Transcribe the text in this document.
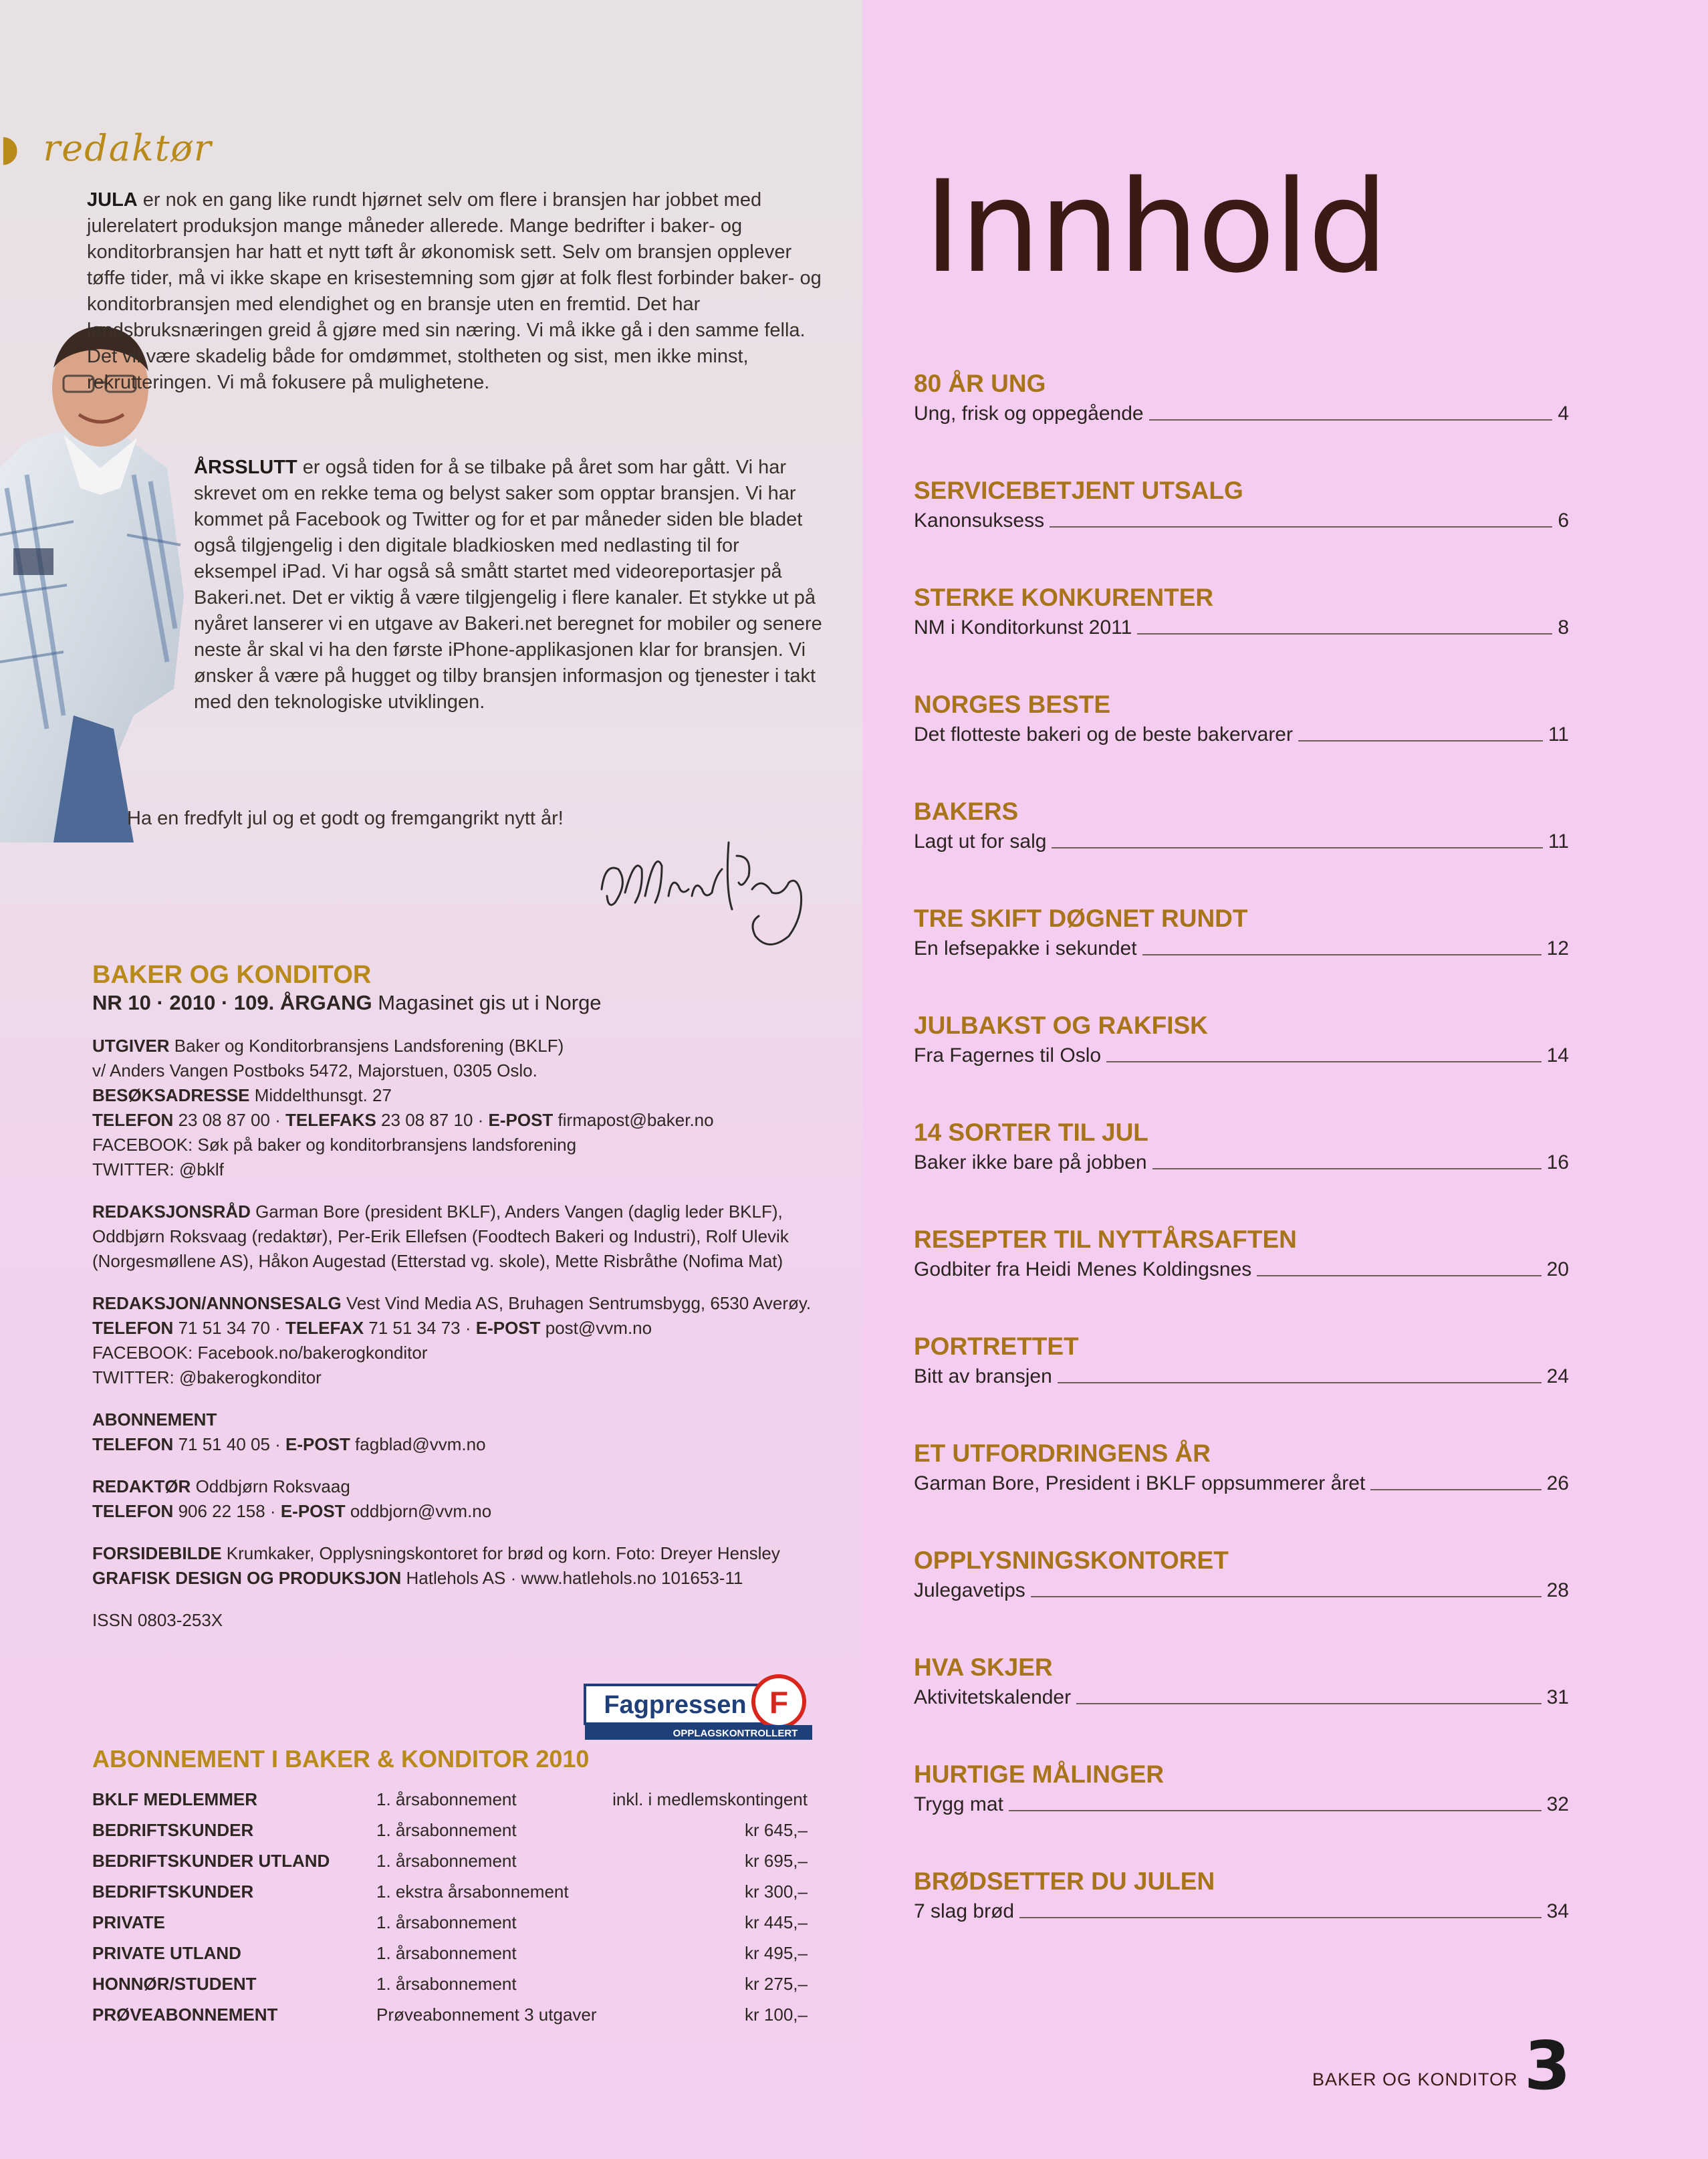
◗ redaktør

JULA er nok en gang like rundt hjørnet selv om flere i bransjen har jobbet med julerelatert produksjon mange måneder allerede. Mange bedrifter i baker- og konditorbransjen har hatt et nytt tøft år økonomisk sett. Selv om bransjen opplever tøffe tider, må vi ikke skape en krisestemning som gjør at folk flest forbinder baker- og konditorbransjen med elendighet og en bransje uten en fremtid. Det har landsbruksnæringen greid å gjøre med sin næring. Vi må ikke gå i den samme fella. Det vil være skadelig både for omdømmet, stoltheten og sist, men ikke minst, rekrutteringen. Vi må fokusere på mulighetene.

ÅRSSLUTT er også tiden for å se tilbake på året som har gått. Vi har skrevet om en rekke tema og belyst saker som opptar bransjen. Vi har kommet på Facebook og Twitter og for et par måneder siden ble bladet også tilgjengelig i den digitale bladkiosken med nedlasting til for eksempel iPad. Vi har også så smått startet med videoreportasjer på Bakeri.net. Det er viktig å være tilgjengelig i flere kanaler. Et stykke ut på nyåret lanserer vi en utgave av Bakeri.net beregnet for mobiler og senere neste år skal vi ha den første iPhone-applikasjonen klar for bransjen. Vi ønsker å være på hugget og tilby bransjen informasjon og tjenester i takt med den teknologiske utviklingen.

Ha en fredfylt jul og et godt og fremgangrikt nytt år!

BAKER OG KONDITOR
NR 10 · 2010 · 109. ÅRGANG Magasinet gis ut i Norge
UTGIVER Baker og Konditorbransjens Landsforening (BKLF)
v/ Anders Vangen Postboks 5472, Majorstuen, 0305 Oslo.
BESØKSADRESSE Middelthunsgt. 27
TELEFON 23 08 87 00 · TELEFAKS 23 08 87 10 · E-POST firmapost@baker.no
FACEBOOK: Søk på baker og konditorbransjens landsforening
TWITTER: @bklf
REDAKSJONSRÅD Garman Bore (president BKLF), Anders Vangen (daglig leder BKLF), Oddbjørn Roksvaag (redaktør), Per-Erik Ellefsen (Foodtech Bakeri og Industri), Rolf Ulevik (Norgesmøllene AS), Håkon Augestad (Etterstad vg. skole), Mette Risbråthe (Nofima Mat)
REDAKSJON/ANNONSESALG Vest Vind Media AS, Bruhagen Sentrumsbygg, 6530 Averøy.
TELEFON 71 51 34 70 · TELEFAX 71 51 34 73 · E-POST post@vvm.no
FACEBOOK: Facebook.no/bakerogkonditor
TWITTER: @bakerogkonditor
ABONNEMENT
TELEFON 71 51 40 05 · E-POST fagblad@vvm.no
REDAKTØR Oddbjørn Roksvaag
TELEFON 906 22 158 · E-POST oddbjorn@vvm.no
FORSIDEBILDE Krumkaker, Opplysningskontoret for brød og korn. Foto: Dreyer Hensley
GRAFISK DESIGN OG PRODUKSJON Hatlehols AS · www.hatlehols.no 101653-11
ISSN 0803-253X
Fagpressen F
OPPLAGSKONTROLLERT
ABONNEMENT I BAKER & KONDITOR 2010
BKLF MEDLEMMER	1. årsabonnement	inkl. i medlemskontingent
BEDRIFTSKUNDER	1. årsabonnement	kr 645,–
BEDRIFTSKUNDER UTLAND	1. årsabonnement	kr 695,–
BEDRIFTSKUNDER	1. ekstra årsabonnement	kr 300,–
PRIVATE	1. årsabonnement	kr 445,–
PRIVATE UTLAND	1. årsabonnement	kr 495,–
HONNØR/STUDENT	1. årsabonnement	kr 275,–
PRØVEABONNEMENT	Prøveabonnement 3 utgaver	kr 100,–
Innhold
80 ÅR UNG
Ung, frisk og oppegående	4
SERVICEBETJENT UTSALG
Kanonsuksess	6
STERKE KONKURENTER
NM i Konditorkunst 2011	8
NORGES BESTE
Det flotteste bakeri og de beste bakervarer	11
BAKERS
Lagt ut for salg	11
TRE SKIFT DØGNET RUNDT
En lefsepakke i sekundet	12
JULBAKST OG RAKFISK
Fra Fagernes til Oslo	14
14 SORTER TIL JUL
Baker ikke bare på jobben	16
RESEPTER TIL NYTTÅRSAFTEN
Godbiter fra Heidi Menes Koldingsnes	20
PORTRETTET
Bitt av bransjen	24
ET UTFORDRINGENS ÅR
Garman Bore, President i BKLF oppsummerer året	26
OPPLYSNINGSKONTORET
Julegavetips	28
HVA SKJER
Aktivitetskalender	31
HURTIGE MÅLINGER
Trygg mat	32
BRØDSETTER DU JULEN
7 slag brød	34
BAKER OG KONDITOR 3
